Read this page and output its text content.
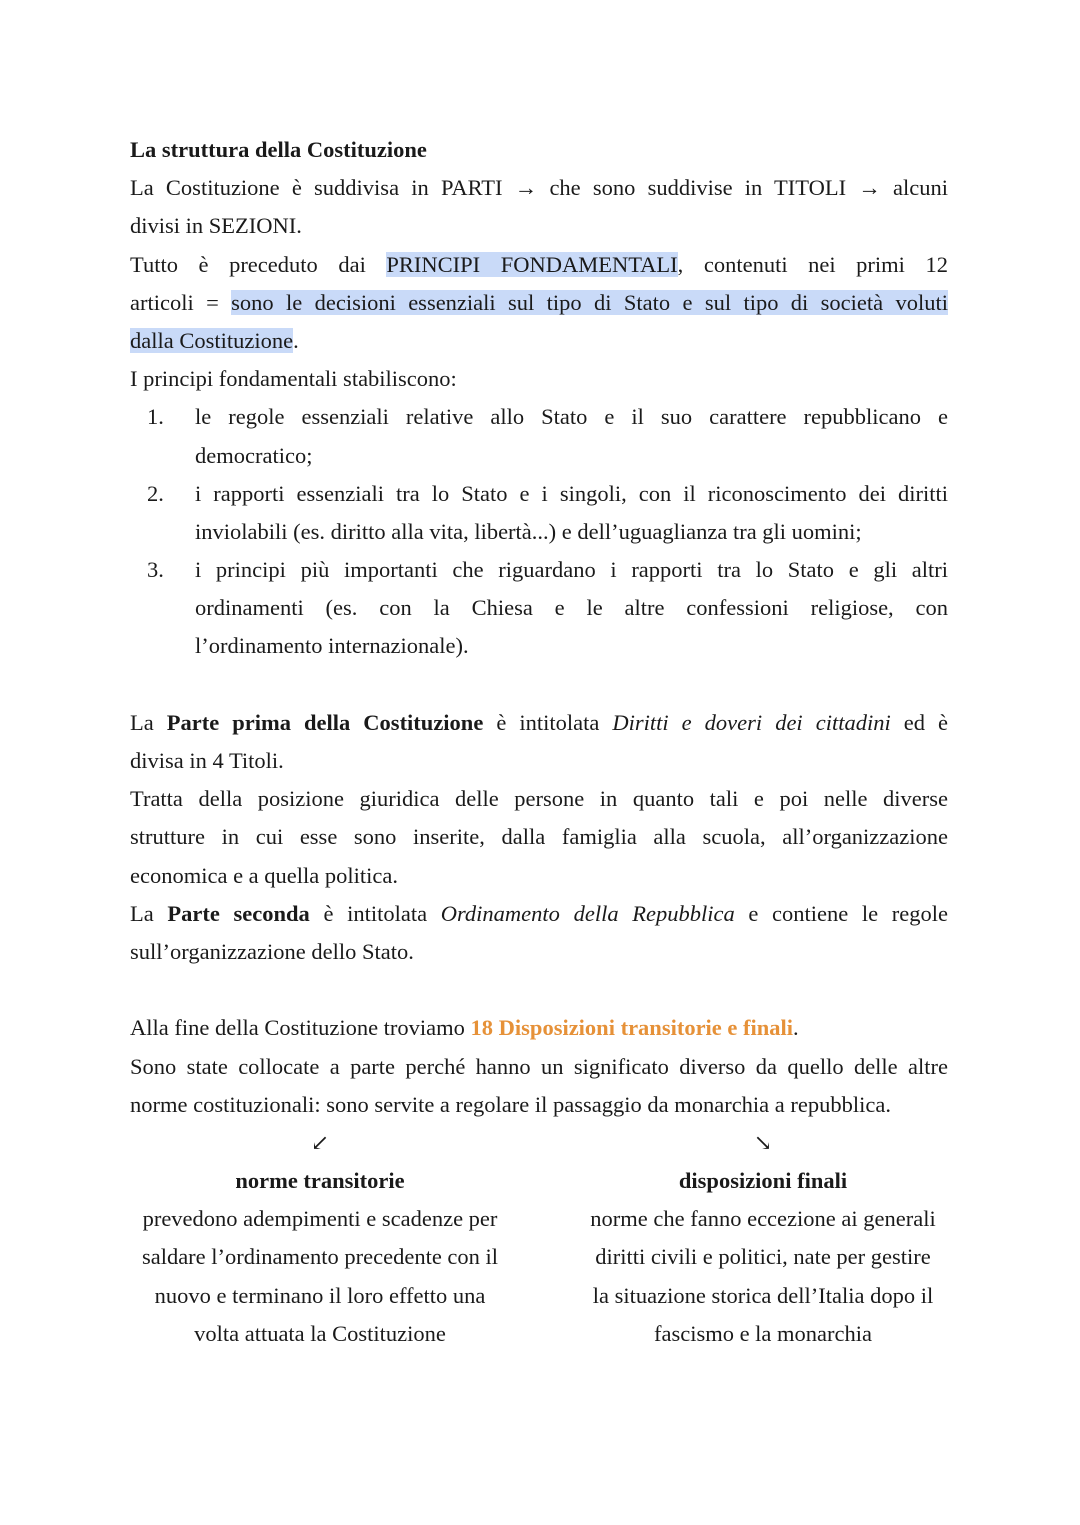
La struttura della Costituzione
La Costituzione è suddivisa in PARTI → che sono suddivise in TITOLI → alcuni
divisi in SEZIONI.
Tutto è preceduto dai PRINCIPI FONDAMENTALI, contenuti nei primi 12
articoli = sono le decisioni essenziali sul tipo di Stato e sul tipo di società voluti
dalla Costituzione.
I principi fondamentali stabiliscono:
1. le regole essenziali relative allo Stato e il suo carattere repubblicano e
democratico;
2. i rapporti essenziali tra lo Stato e i singoli, con il riconoscimento dei diritti
inviolabili (es. diritto alla vita, libertà...) e dell’uguaglianza tra gli uomini;
3. i principi più importanti che riguardano i rapporti tra lo Stato e gli altri
ordinamenti (es. con la Chiesa e le altre confessioni religiose, con
l’ordinamento internazionale).
La Parte prima della Costituzione è intitolata Diritti e doveri dei cittadini ed è
divisa in 4 Titoli.
Tratta della posizione giuridica delle persone in quanto tali e poi nelle diverse
strutture in cui esse sono inserite, dalla famiglia alla scuola, all’organizzazione
economica e a quella politica.
La Parte seconda è intitolata Ordinamento della Repubblica e contiene le regole
sull’organizzazione dello Stato.
Alla fine della Costituzione troviamo 18 Disposizioni transitorie e finali.
Sono state collocate a parte perché hanno un significato diverso da quello delle altre
norme costituzionali: sono servite a regolare il passaggio da monarchia a repubblica.
↙
norme transitorie
prevedono adempimenti e scadenze per
saldare l’ordinamento precedente con il
nuovo e terminano il loro effetto una
volta attuata la Costituzione
↘
disposizioni finali
norme che fanno eccezione ai generali
diritti civili e politici, nate per gestire
la situazione storica dell’Italia dopo il
fascismo e la monarchia
